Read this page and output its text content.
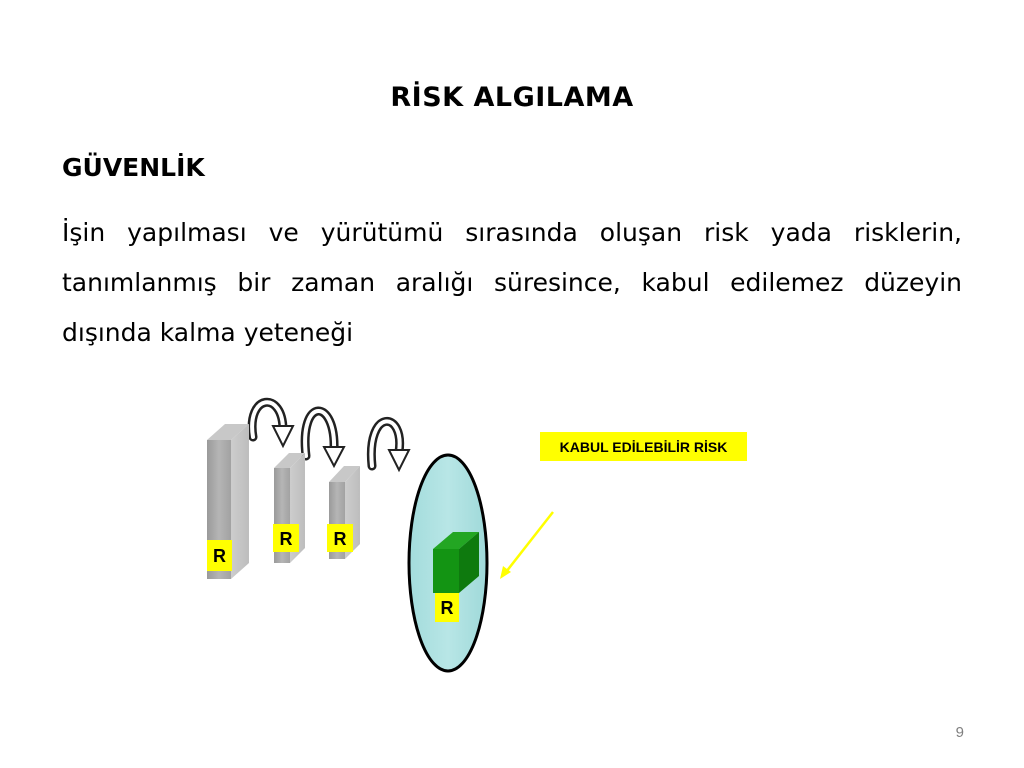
RİSK ALGILAMA
GÜVENLİK

İşin yapılması ve yürütümü sırasında oluşan risk yada risklerin, tanımlanmış bir zaman aralığı süresince, kabul edilemez düzeyin dışında kalma yeteneği

R
R R
R
KABUL EDİLEBİLİR RİSK
9
